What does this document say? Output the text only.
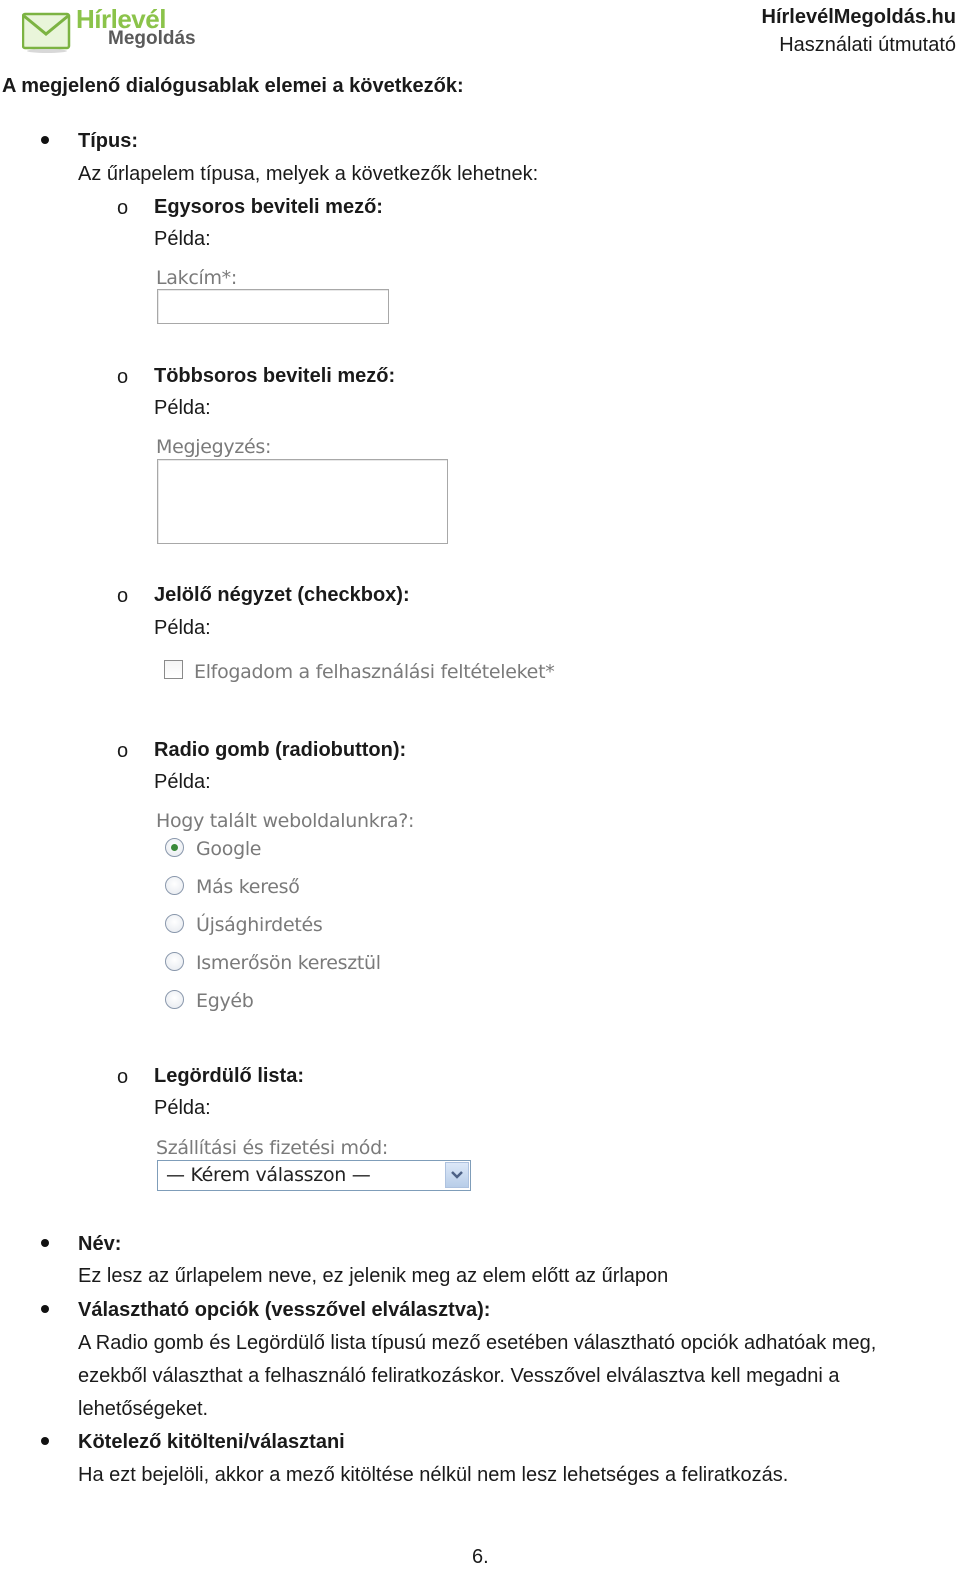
Hírlevél
Megoldás
HírlevélMegoldás.hu
Használati útmutató
A megjelenő dialógusablak elemei a következők:
Típus:
Az űrlapelem típusa, melyek a következők lehetnek:
o Egysoros beviteli mező:
Példa:
Lakcím*:
o Többsoros beviteli mező:
Példa:
Megjegyzés:
o Jelölő négyzet (checkbox):
Példa:
Elfogadom a felhasználási feltételeket*
o Radio gomb (radiobutton):
Példa:
Hogy talált weboldalunkra?:
Google
Más kereső
Újsághirdetés
Ismerősön keresztül
Egyéb
o Legördülő lista:
Példa:
Szállítási és fizetési mód:
— Kérem válasszon —
Név:
Ez lesz az űrlapelem neve, ez jelenik meg az elem előtt az űrlapon
Választható opciók (vesszővel elválasztva):
A Radio gomb és Legördülő lista típusú mező esetében választható opciók adhatóak meg,
ezekből választhat a felhasználó feliratkozáskor. Vesszővel elválasztva kell megadni a
lehetőségeket.
Kötelező kitölteni/választani
Ha ezt bejelöli, akkor a mező kitöltése nélkül nem lesz lehetséges a feliratkozás.
6.
